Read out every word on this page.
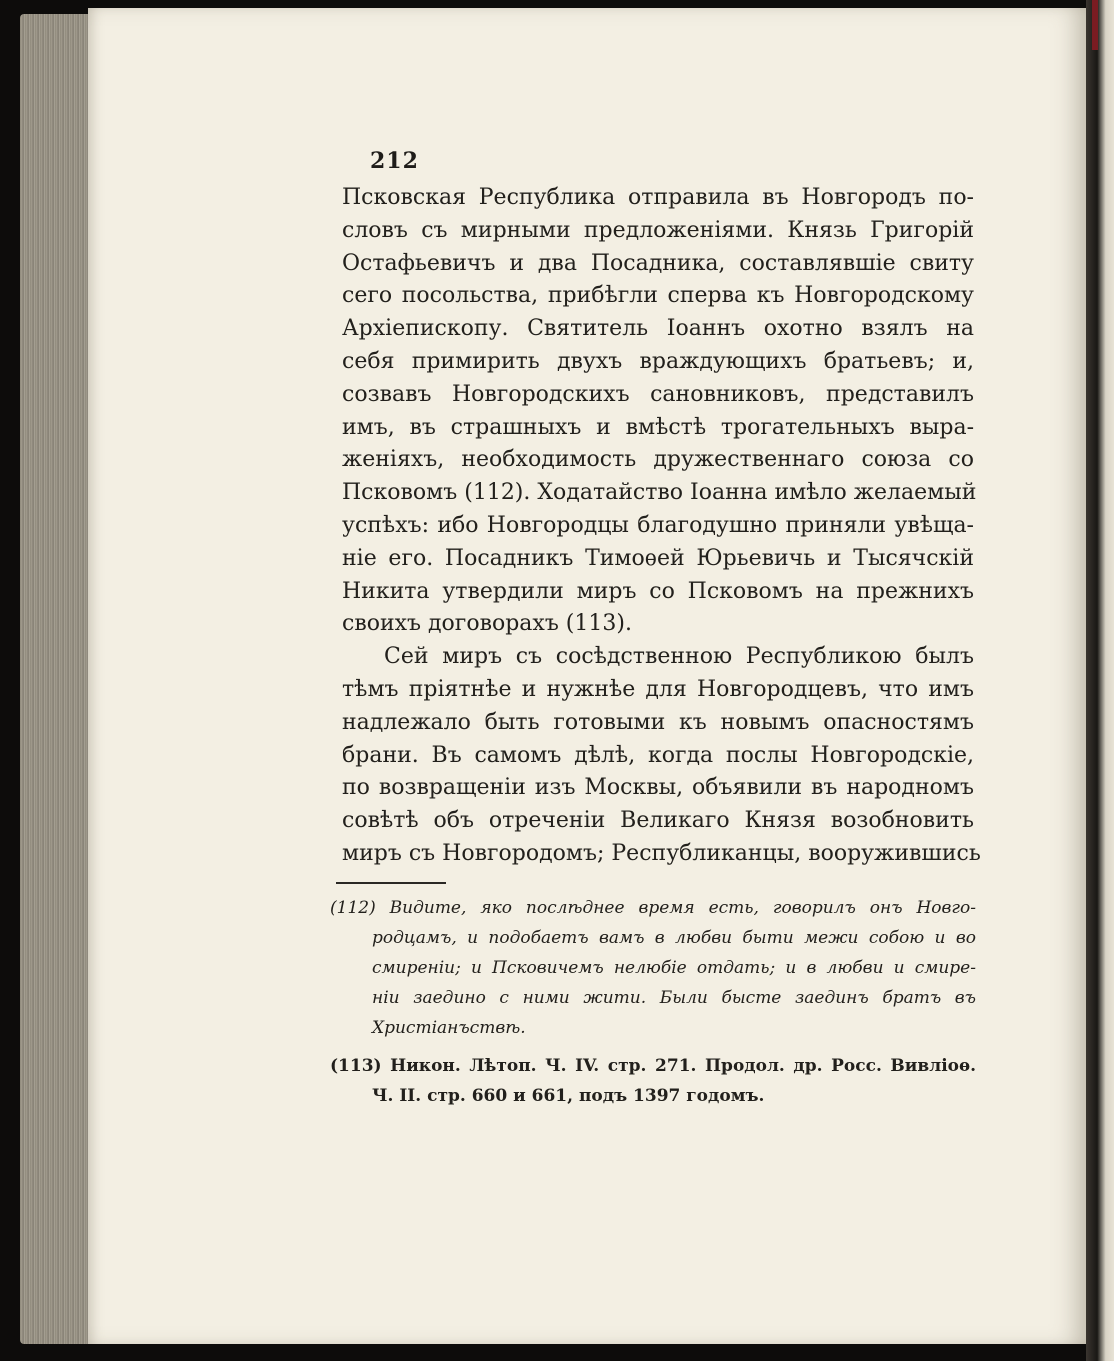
212
Псковская Республика отправила въ Новгородъ по-
словъ съ мирными предложеніями. Князь Григорій
Остафьевичъ и два Посадника, составлявшіе свиту
сего посольства, прибѣгли сперва къ Новгородскому
Архіепископу. Святитель Іоаннъ охотно взялъ на
себя примирить двухъ враждующихъ братьевъ; и,
созвавъ Новгородскихъ сановниковъ, представилъ
имъ, въ страшныхъ и вмѣстѣ трогательныхъ выра-
женіяхъ, необходимость дружественнаго союза со
Псковомъ (112). Ходатайство Іоанна имѣло желаемый
успѣхъ: ибо Новгородцы благодушно приняли увѣща-
ніе его. Посадникъ Тимоѳей Юрьевичь и Тысячскій
Никита утвердили миръ со Псковомъ на прежнихъ
своихъ договорахъ (113).
Сей миръ съ сосѣдственною Республикою былъ
тѣмъ пріятнѣе и нужнѣе для Новгородцевъ, что имъ
надлежало быть готовыми къ новымъ опасностямъ
брани. Въ самомъ дѣлѣ, когда послы Новгородскіе,
по возвращеніи изъ Москвы, объявили въ народномъ
совѣтѣ объ отреченіи Великаго Князя возобновить
миръ съ Новгородомъ; Республиканцы, вооружившись
(112) Видите, яко послѣднее время есть, говорилъ онъ Новго-
родцамъ, и подобаетъ вамъ в любви быти межи собою и во
смиреніи; и Псковичемъ нелюбіе отдать; и в любви и смире-
ніи заедино с ними жити. Были бысте заединъ братъ въ
Христіанъствѣ.
(113) Никон. Лѣтоп. Ч. IV. стр. 271. Продол. др. Росс. Вивліоѳ.
Ч. II. стр. 660 и 661, подъ 1397 годомъ.
